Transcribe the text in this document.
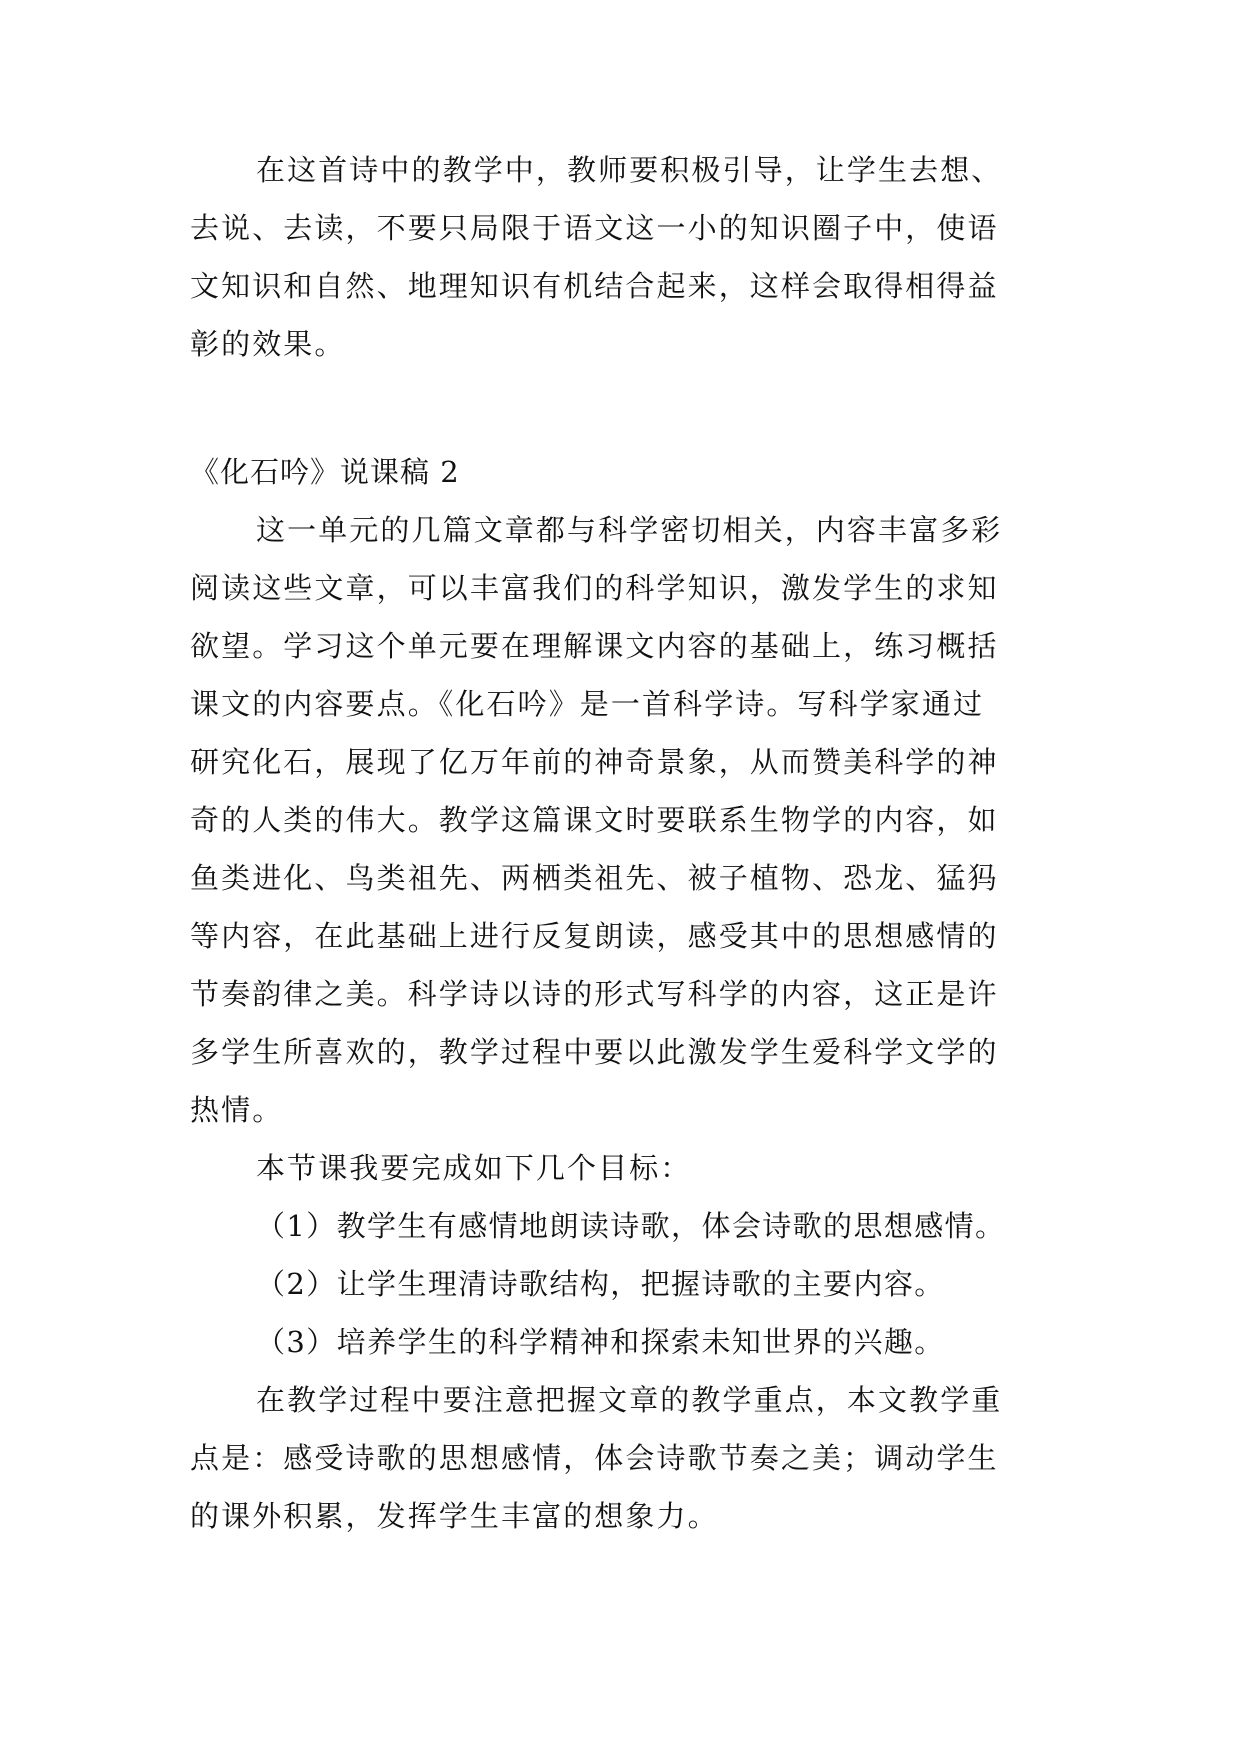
在这首诗中的教学中，教师要积极引导，让学生去想、
去说、去读，不要只局限于语文这一小的知识圈子中，使语
文知识和自然、地理知识有机结合起来，这样会取得相得益
彰的效果。
《化石吟》说课稿 2
这一单元的几篇文章都与科学密切相关，内容丰富多彩
阅读这些文章，可以丰富我们的科学知识，激发学生的求知
欲望。学习这个单元要在理解课文内容的基础上，练习概括
课文的内容要点。《化石吟》是一首科学诗。写科学家通过
研究化石，展现了亿万年前的神奇景象，从而赞美科学的神
奇的人类的伟大。教学这篇课文时要联系生物学的内容，如
鱼类进化、鸟类祖先、两栖类祖先、被子植物、恐龙、猛犸
等内容，在此基础上进行反复朗读，感受其中的思想感情的
节奏韵律之美。科学诗以诗的形式写科学的内容，这正是许
多学生所喜欢的，教学过程中要以此激发学生爱科学文学的
热情。
本节课我要完成如下几个目标：
（1）教学生有感情地朗读诗歌，体会诗歌的思想感情。
（2）让学生理清诗歌结构，把握诗歌的主要内容。
（3）培养学生的科学精神和探索未知世界的兴趣。
在教学过程中要注意把握文章的教学重点，本文教学重
点是：感受诗歌的思想感情，体会诗歌节奏之美；调动学生
的课外积累，发挥学生丰富的想象力。
